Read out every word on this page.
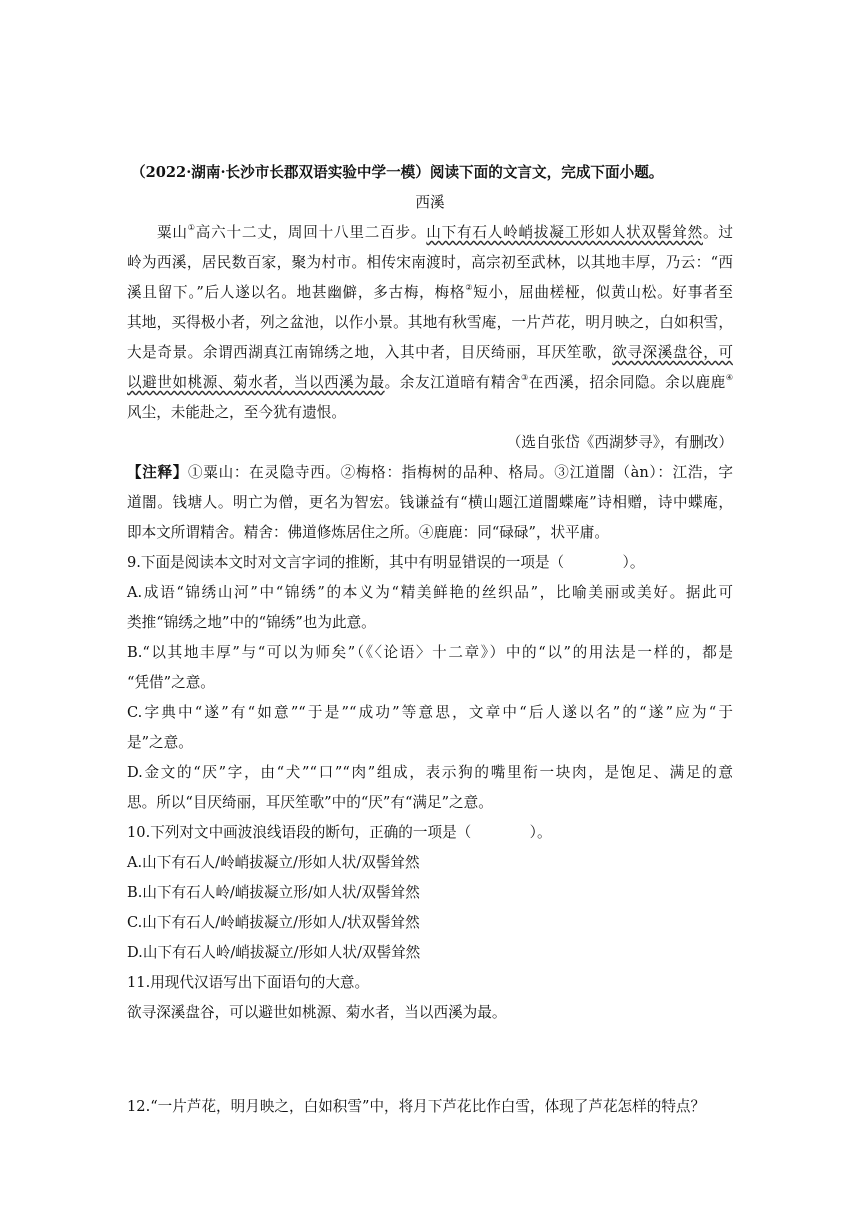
（2022·湖南·长沙市长郡双语实验中学一模）阅读下面的文言文，完成下面小题。
西溪
粟山①高六十二丈，周回十八里二百步。山下有石人岭峭拔凝工形如人状双髻耸然。过
岭为西溪，居民数百家，聚为村市。相传宋南渡时，高宗初至武林，以其地丰厚，乃云：“西
溪且留下。”后人遂以名。地甚幽僻，多古梅，梅格②短小，屈曲槎桠，似黄山松。好事者至
其地，买得极小者，列之盆池，以作小景。其地有秋雪庵，一片芦花，明月映之，白如积雪，
大是奇景。余谓西湖真江南锦绣之地，入其中者，目厌绮丽，耳厌笙歌，欲寻深溪盘谷，可
以避世如桃源、菊水者，当以西溪为最。余友江道暗有精舍③在西溪，招余同隐。余以鹿鹿④
风尘，未能赴之，至今犹有遗恨。
（选自张岱《西湖梦寻》，有删改）
【注释】①粟山：在灵隐寺西。②梅格：指梅树的品种、格局。③江道闇（àn）：江浩，字
道闇。钱塘人。明亡为僧，更名为智宏。钱谦益有“横山题江道闇蝶庵”诗相赠，诗中蝶庵，
即本文所谓精舍。精舍：佛道修炼居住之所。④鹿鹿：同“碌碌”，状平庸。
9.下面是阅读本文时对文言字词的推断，其中有明显错误的一项是（　　　　）。
A.成语“锦绣山河”中“锦绣”的本义为“精美鲜艳的丝织品”，比喻美丽或美好。据此可
类推“锦绣之地”中的“锦绣”也为此意。
B.“以其地丰厚”与“可以为师矣”（《〈论语〉十二章》）中的“以”的用法是一样的，都是
“凭借”之意。
C.字典中“遂”有“如意”“于是”“成功”等意思，文章中“后人遂以名”的“遂”应为“于
是”之意。
D.金文的“厌”字，由“犬”“口”“肉”组成，表示狗的嘴里衔一块肉，是饱足、满足的意
思。所以“目厌绮丽，耳厌笙歌”中的“厌”有“满足”之意。
10.下列对文中画波浪线语段的断句，正确的一项是（　　　　）。
A.山下有石人/岭峭拔凝立/形如人状/双髻耸然
B.山下有石人岭/峭拔凝立形/如人状/双髻耸然
C.山下有石人/岭峭拔凝立/形如人/状双髻耸然
D.山下有石人岭/峭拔凝立/形如人状/双髻耸然
11.用现代汉语写出下面语句的大意。
欲寻深溪盘谷，可以避世如桃源、菊水者，当以西溪为最。
12.“一片芦花，明月映之，白如积雪”中，将月下芦花比作白雪，体现了芦花怎样的特点？
